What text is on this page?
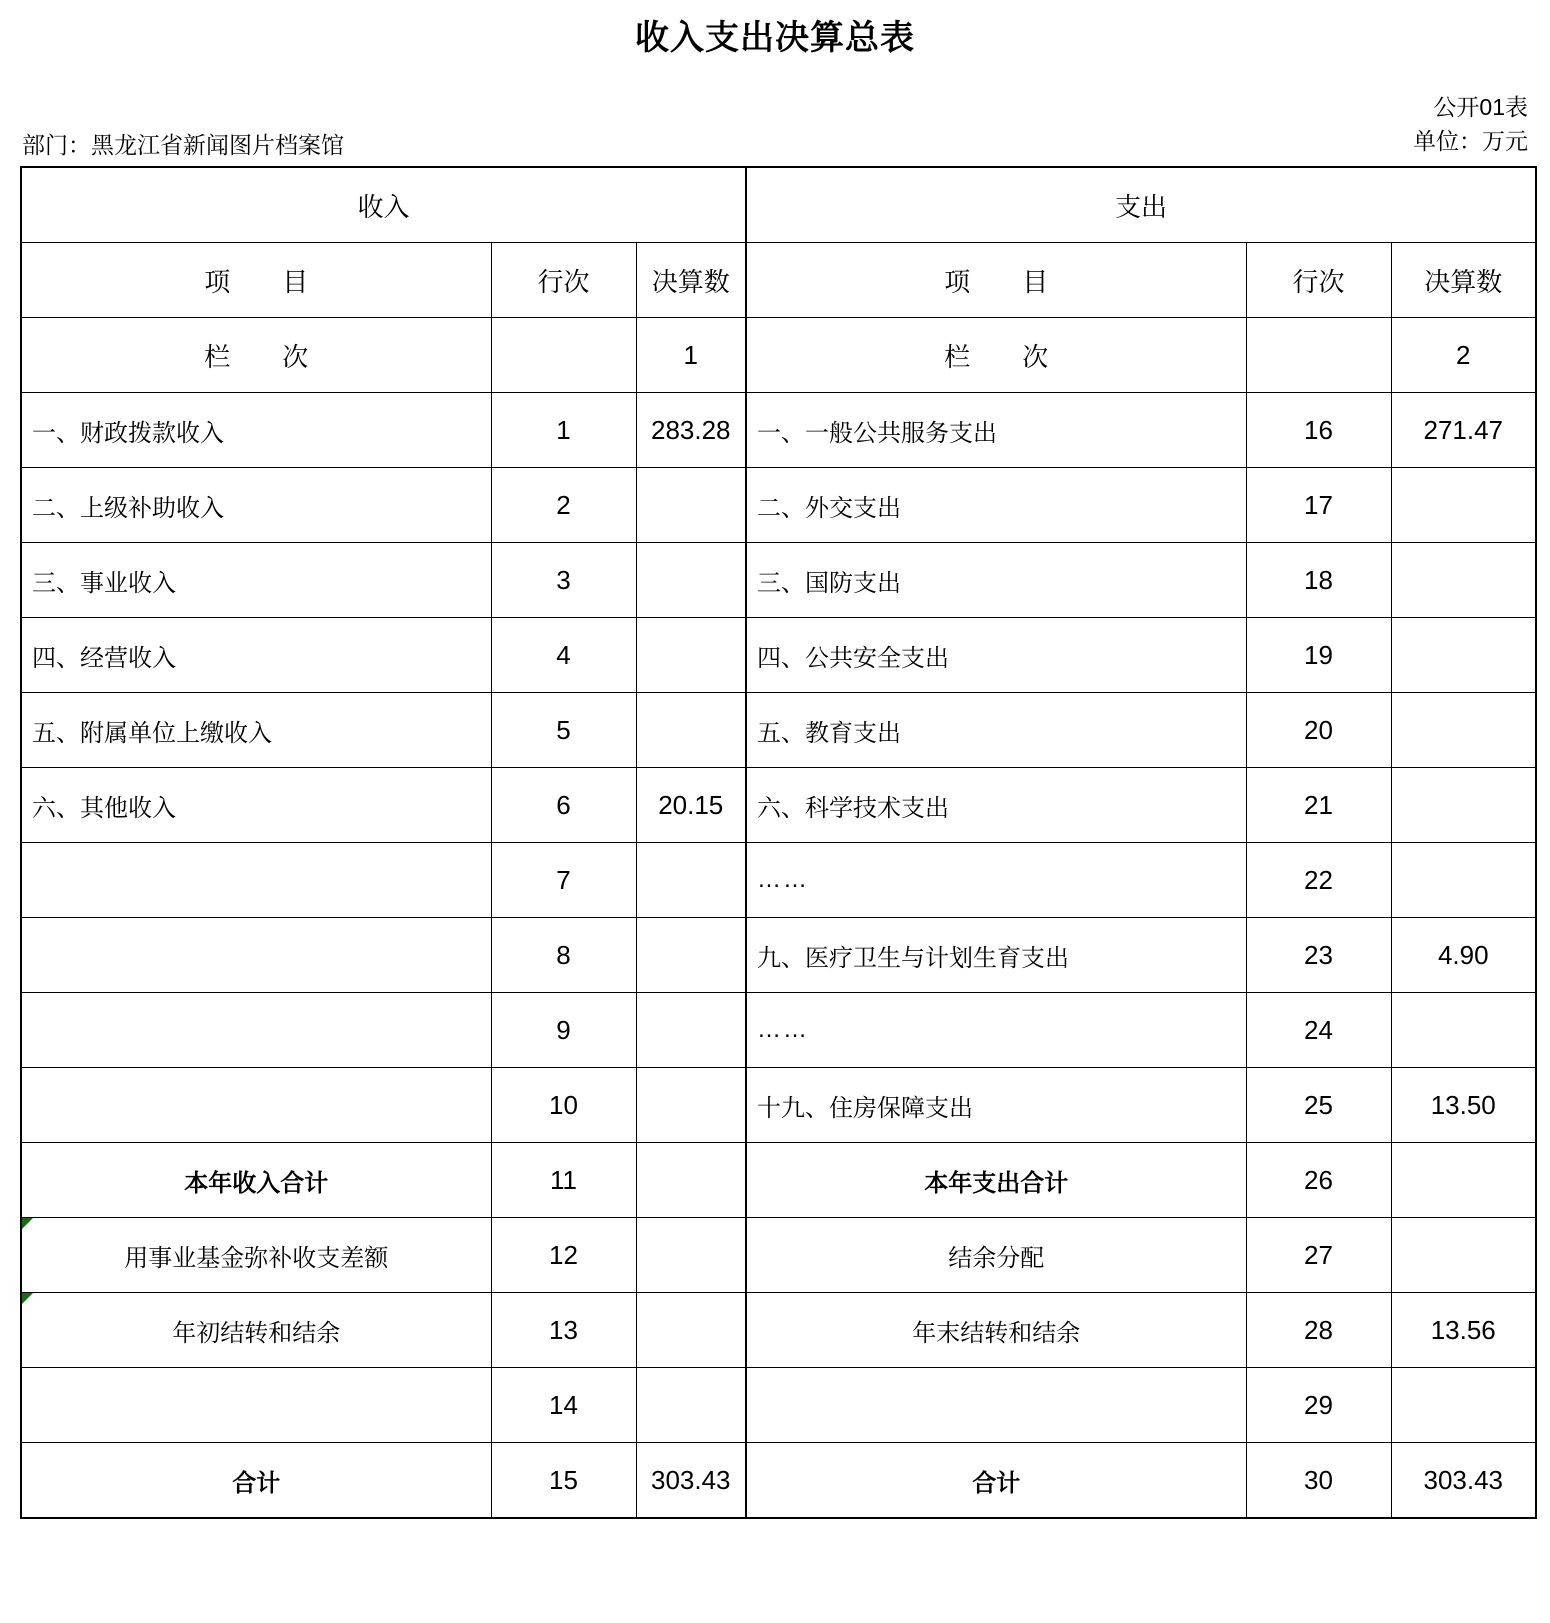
收入支出决算总表
公开01表
单位：万元
部门：黑龙江省新闻图片档案馆
收入			支出		
项　　目	行次	决算数	项　　目	行次	决算数
栏　　次		1	栏　　次		2
一、财政拨款收入	1	283.28	一、一般公共服务支出	16	271.47
二、上级补助收入	2		二、外交支出	17	
三、事业收入	3		三、国防支出	18	
四、经营收入	4		四、公共安全支出	19	
五、附属单位上缴收入	5		五、教育支出	20	
六、其他收入	6	20.15	六、科学技术支出	21	
	7		……	22	
	8		九、医疗卫生与计划生育支出	23	4.90
	9		……	24	
	10		十九、住房保障支出	25	13.50
本年收入合计	11		本年支出合计	26	
用事业基金弥补收支差额	12		结余分配	27	
年初结转和结余	13		年末结转和结余	28	13.56
	14			29	
合计	15	303.43	合计	30	303.43
